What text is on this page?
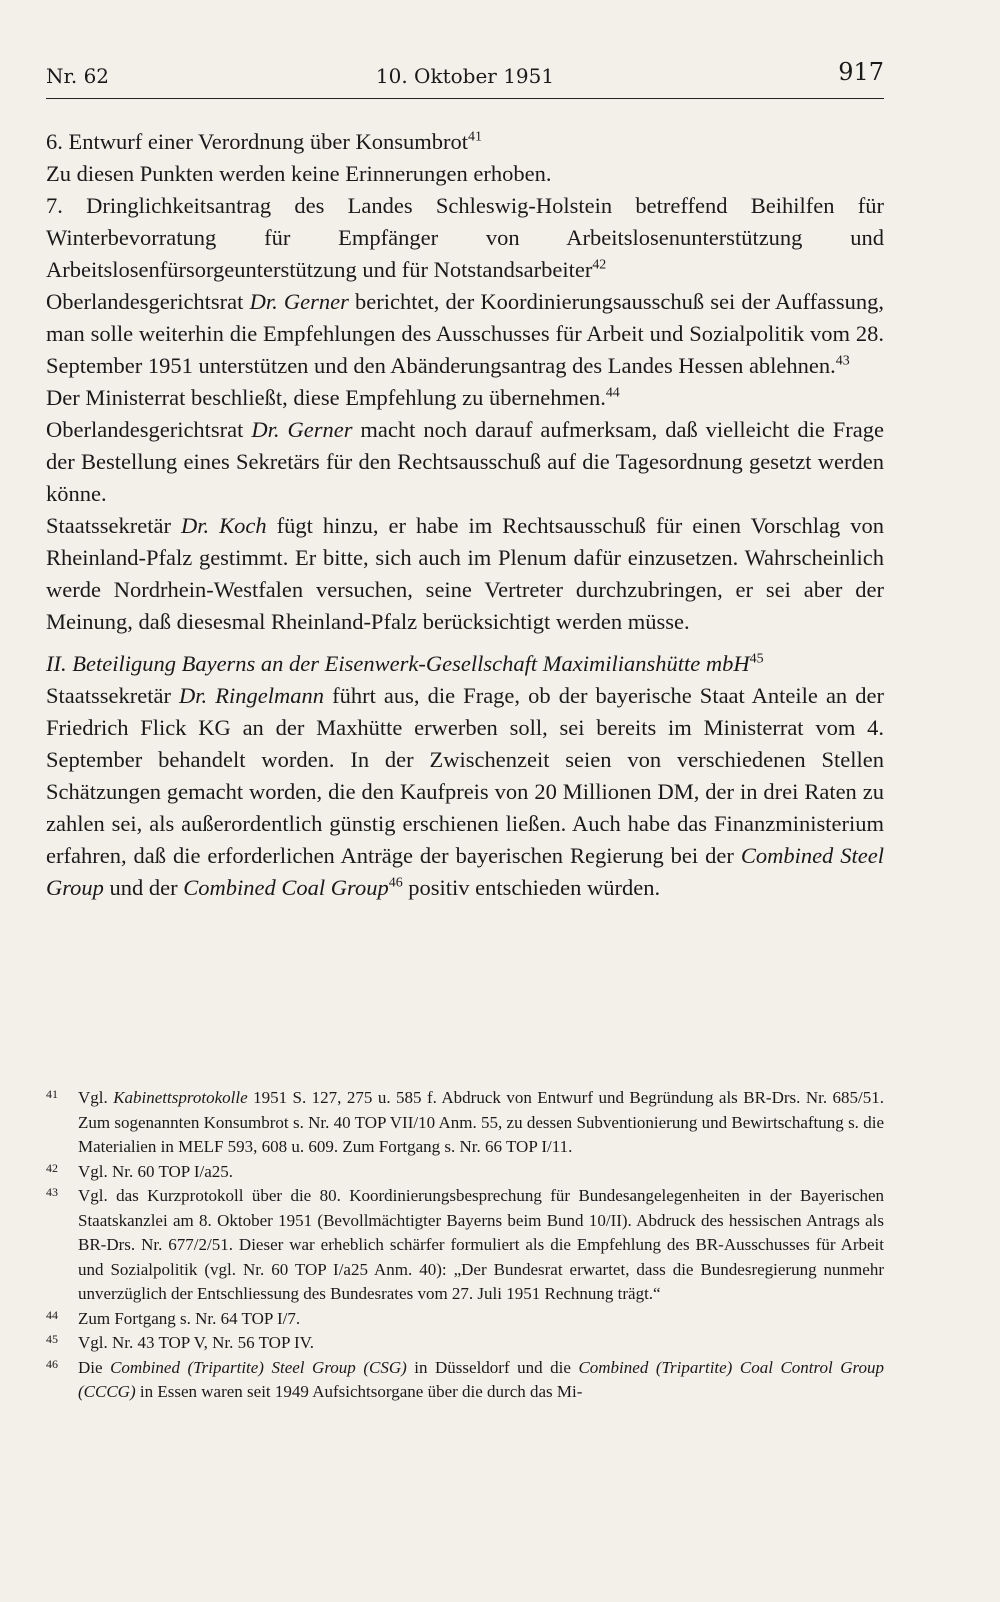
Nr. 62	10. Oktober 1951	917

6. Entwurf einer Verordnung über Konsumbrot$^{41}$

Zu diesen Punkten werden keine Erinnerungen erhoben.

7. Dringlichkeitsantrag des Landes Schleswig-Holstein betreffend Beihilfen für Winterbevorratung für Empfänger von Arbeitslosenunterstützung und Arbeitslosenfürsorgeunterstützung und für Notstandsarbeiter$^{42}$

Oberlandesgerichtsrat Dr. Gerner berichtet, der Koordinierungsausschuß sei der Auffassung, man solle weiterhin die Empfehlungen des Ausschusses für Arbeit und Sozialpolitik vom 28. September 1951 unterstützen und den Abänderungsantrag des Landes Hessen ablehnen.$^{43}$

Der Ministerrat beschließt, diese Empfehlung zu übernehmen.$^{44}$

Oberlandesgerichtsrat Dr. Gerner macht noch darauf aufmerksam, daß vielleicht die Frage der Bestellung eines Sekretärs für den Rechtsausschuß auf die Tagesordnung gesetzt werden könne.

Staatssekretär Dr. Koch fügt hinzu, er habe im Rechtsausschuß für einen Vorschlag von Rheinland-Pfalz gestimmt. Er bitte, sich auch im Plenum dafür einzusetzen. Wahrscheinlich werde Nordrhein-Westfalen versuchen, seine Vertreter durchzubringen, er sei aber der Meinung, daß diesesmal Rheinland-Pfalz berücksichtigt werden müsse.

II. Beteiligung Bayerns an der Eisenwerk-Gesellschaft Maximilianshütte mbH$^{45}$

Staatssekretär Dr. Ringelmann führt aus, die Frage, ob der bayerische Staat Anteile an der Friedrich Flick KG an der Maxhütte erwerben soll, sei bereits im Ministerrat vom 4. September behandelt worden. In der Zwischenzeit seien von verschiedenen Stellen Schätzungen gemacht worden, die den Kaufpreis von 20 Millionen DM, der in drei Raten zu zahlen sei, als außerordentlich günstig erschienen ließen. Auch habe das Finanzministerium erfahren, daß die erforderlichen Anträge der bayerischen Regierung bei der Combined Steel Group und der Combined Coal Group$^{46}$ positiv entschieden würden.

41	Vgl. Kabinettsprotokolle 1951 S. 127, 275 u. 585 f. Abdruck von Entwurf und Begründung als BR-Drs. Nr. 685/51. Zum sogenannten Konsumbrot s. Nr. 40 TOP VII/10 Anm. 55, zu dessen Subventionierung und Bewirtschaftung s. die Materialien in MELF 593, 608 u. 609. Zum Fortgang s. Nr. 66 TOP I/11.
42	Vgl. Nr. 60 TOP I/a25.
43	Vgl. das Kurzprotokoll über die 80. Koordinierungsbesprechung für Bundesangelegenheiten in der Bayerischen Staatskanzlei am 8. Oktober 1951 (Bevollmächtigter Bayerns beim Bund 10/II). Abdruck des hessischen Antrags als BR-Drs. Nr. 677/2/51. Dieser war erheblich schärfer formuliert als die Empfehlung des BR-Ausschusses für Arbeit und Sozialpolitik (vgl. Nr. 60 TOP I/a25 Anm. 40): „Der Bundesrat erwartet, dass die Bundesregierung nunmehr unverzüglich der Entschliessung des Bundesrates vom 27. Juli 1951 Rechnung trägt.“
44	Zum Fortgang s. Nr. 64 TOP I/7.
45	Vgl. Nr. 43 TOP V, Nr. 56 TOP IV.
46	Die Combined (Tripartite) Steel Group (CSG) in Düsseldorf und die Combined (Tripartite) Coal Control Group (CCCG) in Essen waren seit 1949 Aufsichtsorgane über die durch das Mi-
